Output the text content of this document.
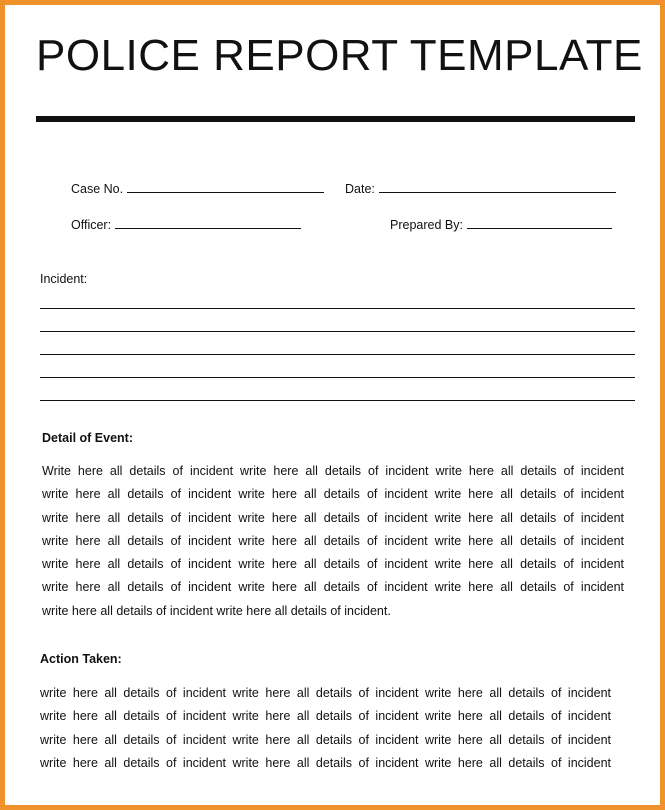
POLICE REPORT TEMPLATE
Case No.	Date:
Officer:	Prepared By:
Incident:
Detail of Event:
Write here all details of incident write here all details of incident write here all details of incident
write here all details of incident write here all details of incident write here all details of incident
write here all details of incident write here all details of incident write here all details of incident
write here all details of incident write here all details of incident write here all details of incident
write here all details of incident write here all details of incident write here all details of incident
write here all details of incident write here all details of incident write here all details of incident
write here all details of incident write here all details of incident.
Action Taken:
write here all details of incident write here all details of incident write here all details of incident
write here all details of incident write here all details of incident write here all details of incident
write here all details of incident write here all details of incident write here all details of incident
write here all details of incident write here all details of incident write here all details of incident
